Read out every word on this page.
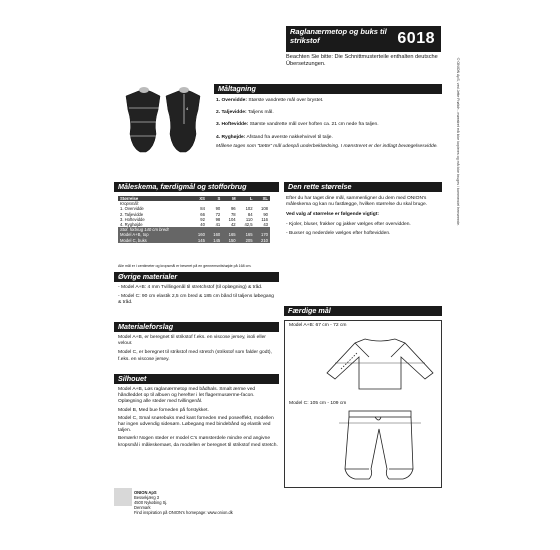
Raglanærmetop og buks til strikstof	6018
Beachten Sie bitte: Die Schnittmusterteile enthalten deutsche Übersetzungen.
1
2
3
4
Måltagning
1. Overvidde: Største vandrette mål over brystet.
2. Taljevidde: Taljens mål.
3. Hoftevidde: Største vandrette mål over hoften ca. 21 cm nede fra taljen.
4. Ryghøjde: Afstand fra øverste nakkehvirvel til talje.
Målene tages som "tætte" mål udenpå underbeklædning. I mønstreret er der indlagt bevægelsesvidde.
Måleskema, færdigmål og stofforbrug
Størrelse	XS	S	M	L	XL
Kropsmål:					
1. Overvidde	84	90	96	102	108
2. Taljevidde	66	72	78	84	90
3. Hoftevidde	92	98	104	110	116
4. Ryghøjde	40	41	42	42,5	43
Stof. forbrug 140 cm bredt					
Model A+B, top	160	160	165	165	170
Model C, buks	145	145	150	205	210
Alle mål er i centimeter og kropsmål er beseret på en gennemsnitshøjde på 168 cm.
Øvrige materialer
- Model A+B: 4 mm Tvillingenål til stretchstof (til oplægning) & tråd.
- Model C: 90 cm elastik 2,5 cm bred & 185 cm bånd til taljens løbegang & tråd.
Materialeforslag
Model A+B, er beregnet til strikstof f.eks. en viscose jersey, isoli eller velour.
Model C, er beregnet til strikstof med stretch (strikstof som falder godt), f.eks. en viscose jersey.
Silhouet
Model A+B, Løs raglanærmetop med bådhals. Smalt ærme ved håndleddet op til albuen og herefter i let flagermusærme-facon. Oplægning alle steder med tvillingenål.
Model B, Med bue forneden på forstykket.
Model C, Smal snørebuks med kant forneden med poseeffekt, modellen har ingen udvendig sidesøm. Løbegang med bindebånd og elastik ved taljen.
Bemærk! Nogen steder er model C's mønsterdele mindre end angivne kropsmål i måleskemaet, da modellen er beregnet til strikstof med stretch.
Den rette størrelse
Efter du har taget dine mål, sammenligner du dem med ONION's måleskema og kan nu fastlægge, hvilken størrelse du skal bruge.
Ved valg af størrelse er følgende vigtigt:
- Kjoler, bluser, frakker og jakker vælges efter overvidden.
- Buxser og nederdele vælges efter hoftevidden.
Færdige mål
Model A+B: 67 cm - 72 cm
Model C: 105 cm - 109 cm
ONION ApS
Bessekjærg 3
4500 Nykøbing Sj.
Denmark
Find inspiration på ONION's homepage: www.onion.dk
© ONION ApS, ved Jette Frølich - mønstret må ikke kopieres og må ikke bruges i kommerciel henseende.
